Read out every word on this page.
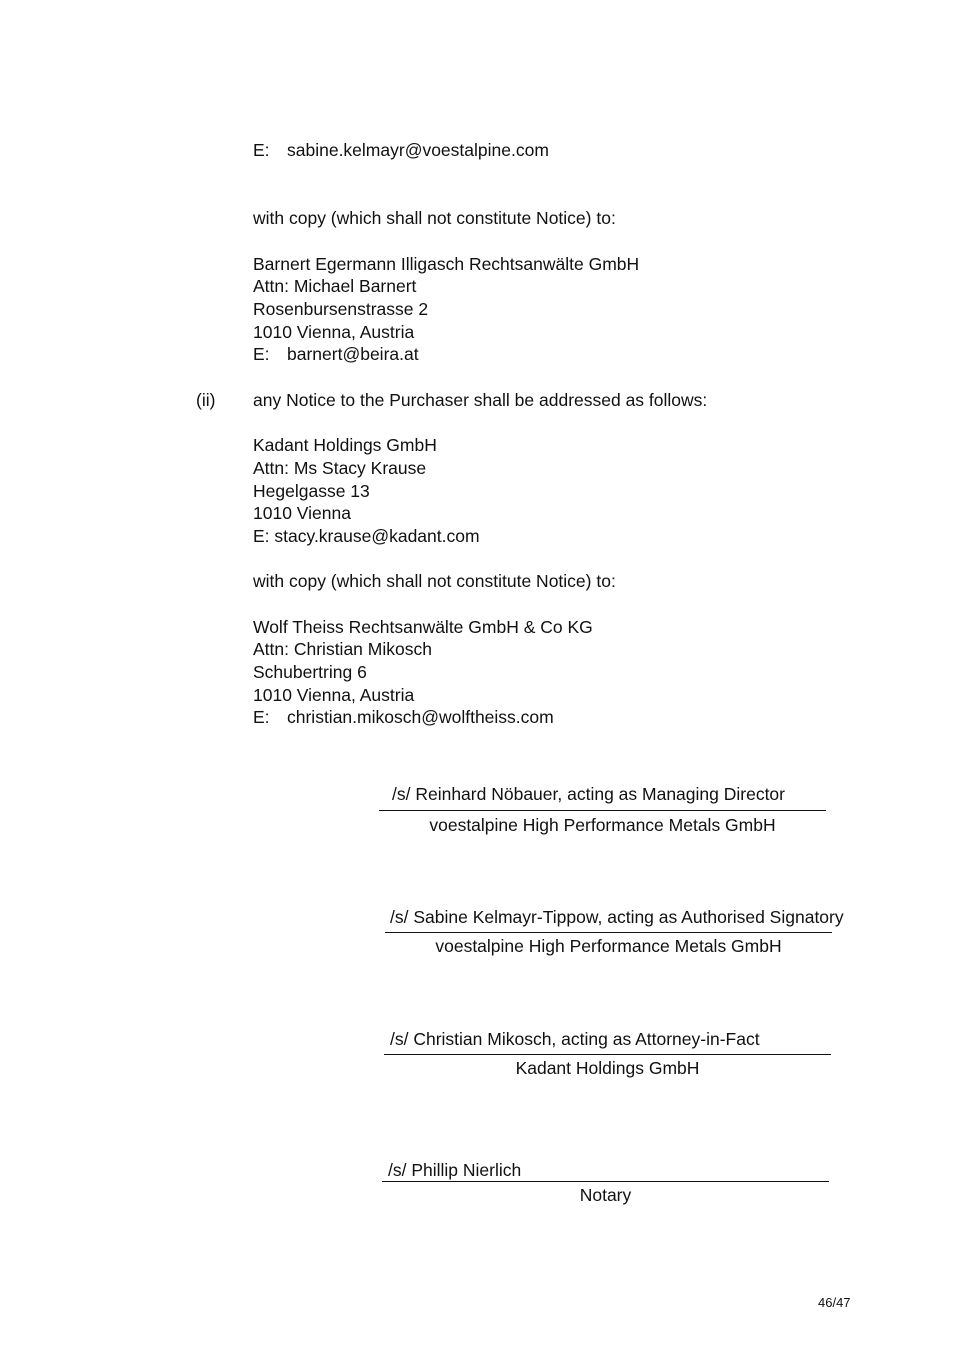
E: sabine.kelmayr@voestalpine.com
with copy (which shall not constitute Notice) to:
Barnert Egermann Illigasch Rechtsanwälte GmbH
Attn: Michael Barnert
Rosenbursenstrasse 2
1010 Vienna, Austria
E: barnert@beira.at
(ii) any Notice to the Purchaser shall be addressed as follows:
Kadant Holdings GmbH
Attn: Ms Stacy Krause
Hegelgasse 13
1010 Vienna
E: stacy.krause@kadant.com
with copy (which shall not constitute Notice) to:
Wolf Theiss Rechtsanwälte GmbH & Co KG
Attn: Christian Mikosch
Schubertring 6
1010 Vienna, Austria
E: christian.mikosch@wolftheiss.com
/s/ Reinhard Nöbauer, acting as Managing Director
voestalpine High Performance Metals GmbH
/s/ Sabine Kelmayr-Tippow, acting as Authorised Signatory
voestalpine High Performance Metals GmbH
/s/ Christian Mikosch, acting as Attorney-in-Fact
Kadant Holdings GmbH
/s/ Phillip Nierlich
Notary
46/47
